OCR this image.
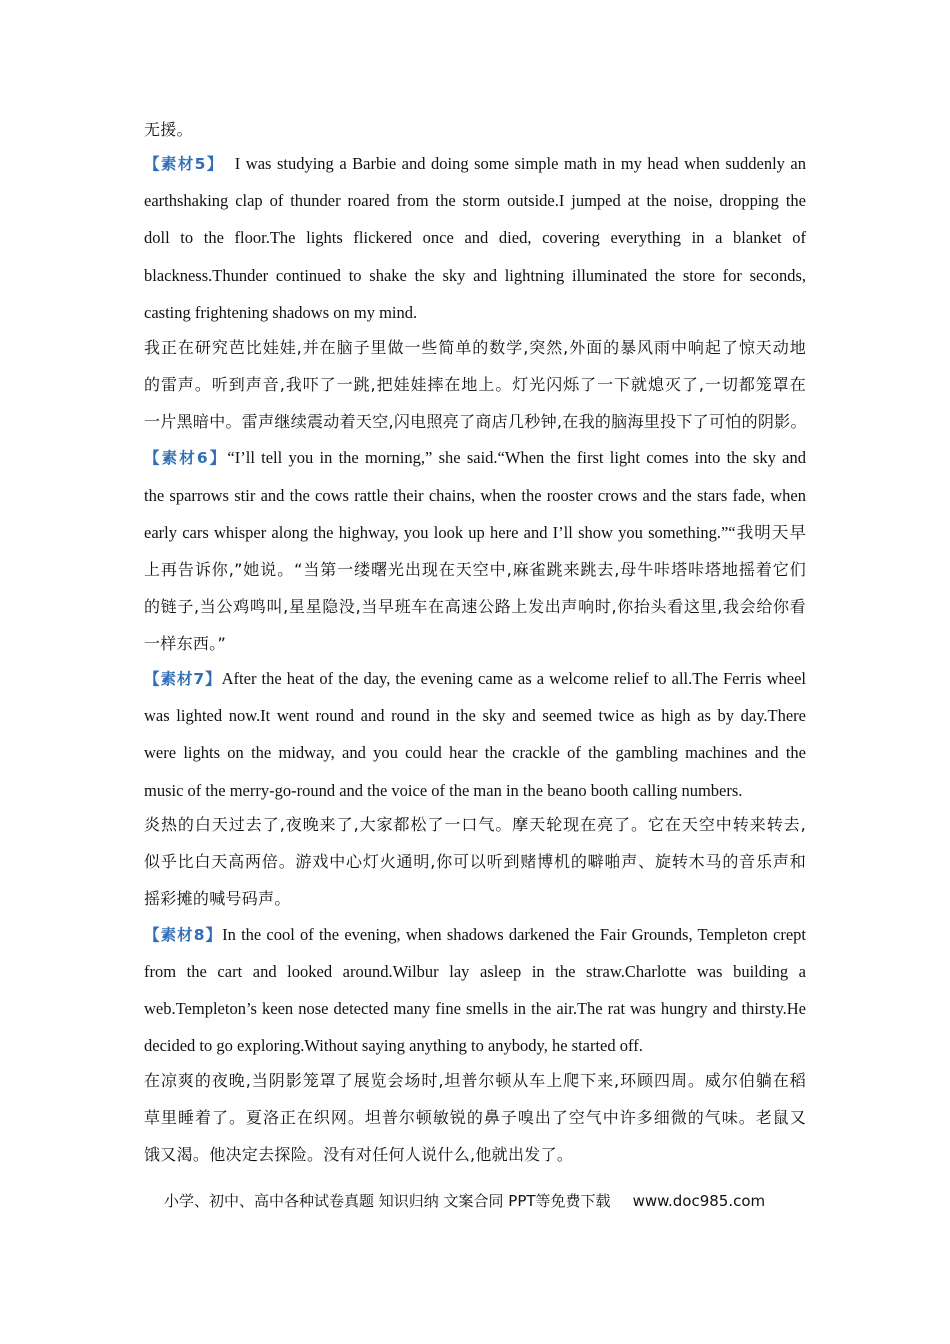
无援。
【素材5】 I was studying a Barbie and doing some simple math in my head when suddenly an
earthshaking clap of thunder roared from the storm outside.I jumped at the noise, dropping the
doll to the floor.The lights flickered once and died, covering everything in a blanket of
blackness.Thunder continued to shake the sky and lightning illuminated the store for seconds,
casting frightening shadows on my mind.
我正在研究芭比娃娃,并在脑子里做一些简单的数学,突然,外面的暴风雨中响起了惊天动地
的雷声。听到声音,我吓了一跳,把娃娃摔在地上。灯光闪烁了一下就熄灭了,一切都笼罩在
一片黑暗中。雷声继续震动着天空,闪电照亮了商店几秒钟,在我的脑海里投下了可怕的阴影。
【素材6】“I’ll tell you in the morning,” she said.“When the first light comes into the sky and
the sparrows stir and the cows rattle their chains, when the rooster crows and the stars fade, when
early cars whisper along the highway, you look up here and I’ll show you something.”“我明天早
上再告诉你,”她说。“当第一缕曙光出现在天空中,麻雀跳来跳去,母牛咔塔咔塔地摇着它们
的链子,当公鸡鸣叫,星星隐没,当早班车在高速公路上发出声响时,你抬头看这里,我会给你看
一样东西。”
【素材7】After the heat of the day, the evening came as a welcome relief to all.The Ferris wheel
was lighted now.It went round and round in the sky and seemed twice as high as by day.There
were lights on the midway, and you could hear the crackle of the gambling machines and the
music of the merry-go-round and the voice of the man in the beano booth calling numbers.
炎热的白天过去了,夜晚来了,大家都松了一口气。摩天轮现在亮了。它在天空中转来转去,
似乎比白天高两倍。游戏中心灯火通明,你可以听到赌博机的噼啪声、旋转木马的音乐声和
摇彩摊的喊号码声。
【素材8】In the cool of the evening, when shadows darkened the Fair Grounds, Templeton crept
from the cart and looked around.Wilbur lay asleep in the straw.Charlotte was building a
web.Templeton’s keen nose detected many fine smells in the air.The rat was hungry and thirsty.He
decided to go exploring.Without saying anything to anybody, he started off.
在凉爽的夜晚,当阴影笼罩了展览会场时,坦普尔顿从车上爬下来,环顾四周。威尔伯躺在稻
草里睡着了。夏洛正在织网。坦普尔顿敏锐的鼻子嗅出了空气中许多细微的气味。老鼠又
饿又渴。他决定去探险。没有对任何人说什么,他就出发了。
小学、初中、高中各种试卷真题 知识归纳 文案合同 PPT等免费下载 www.doc985.com
